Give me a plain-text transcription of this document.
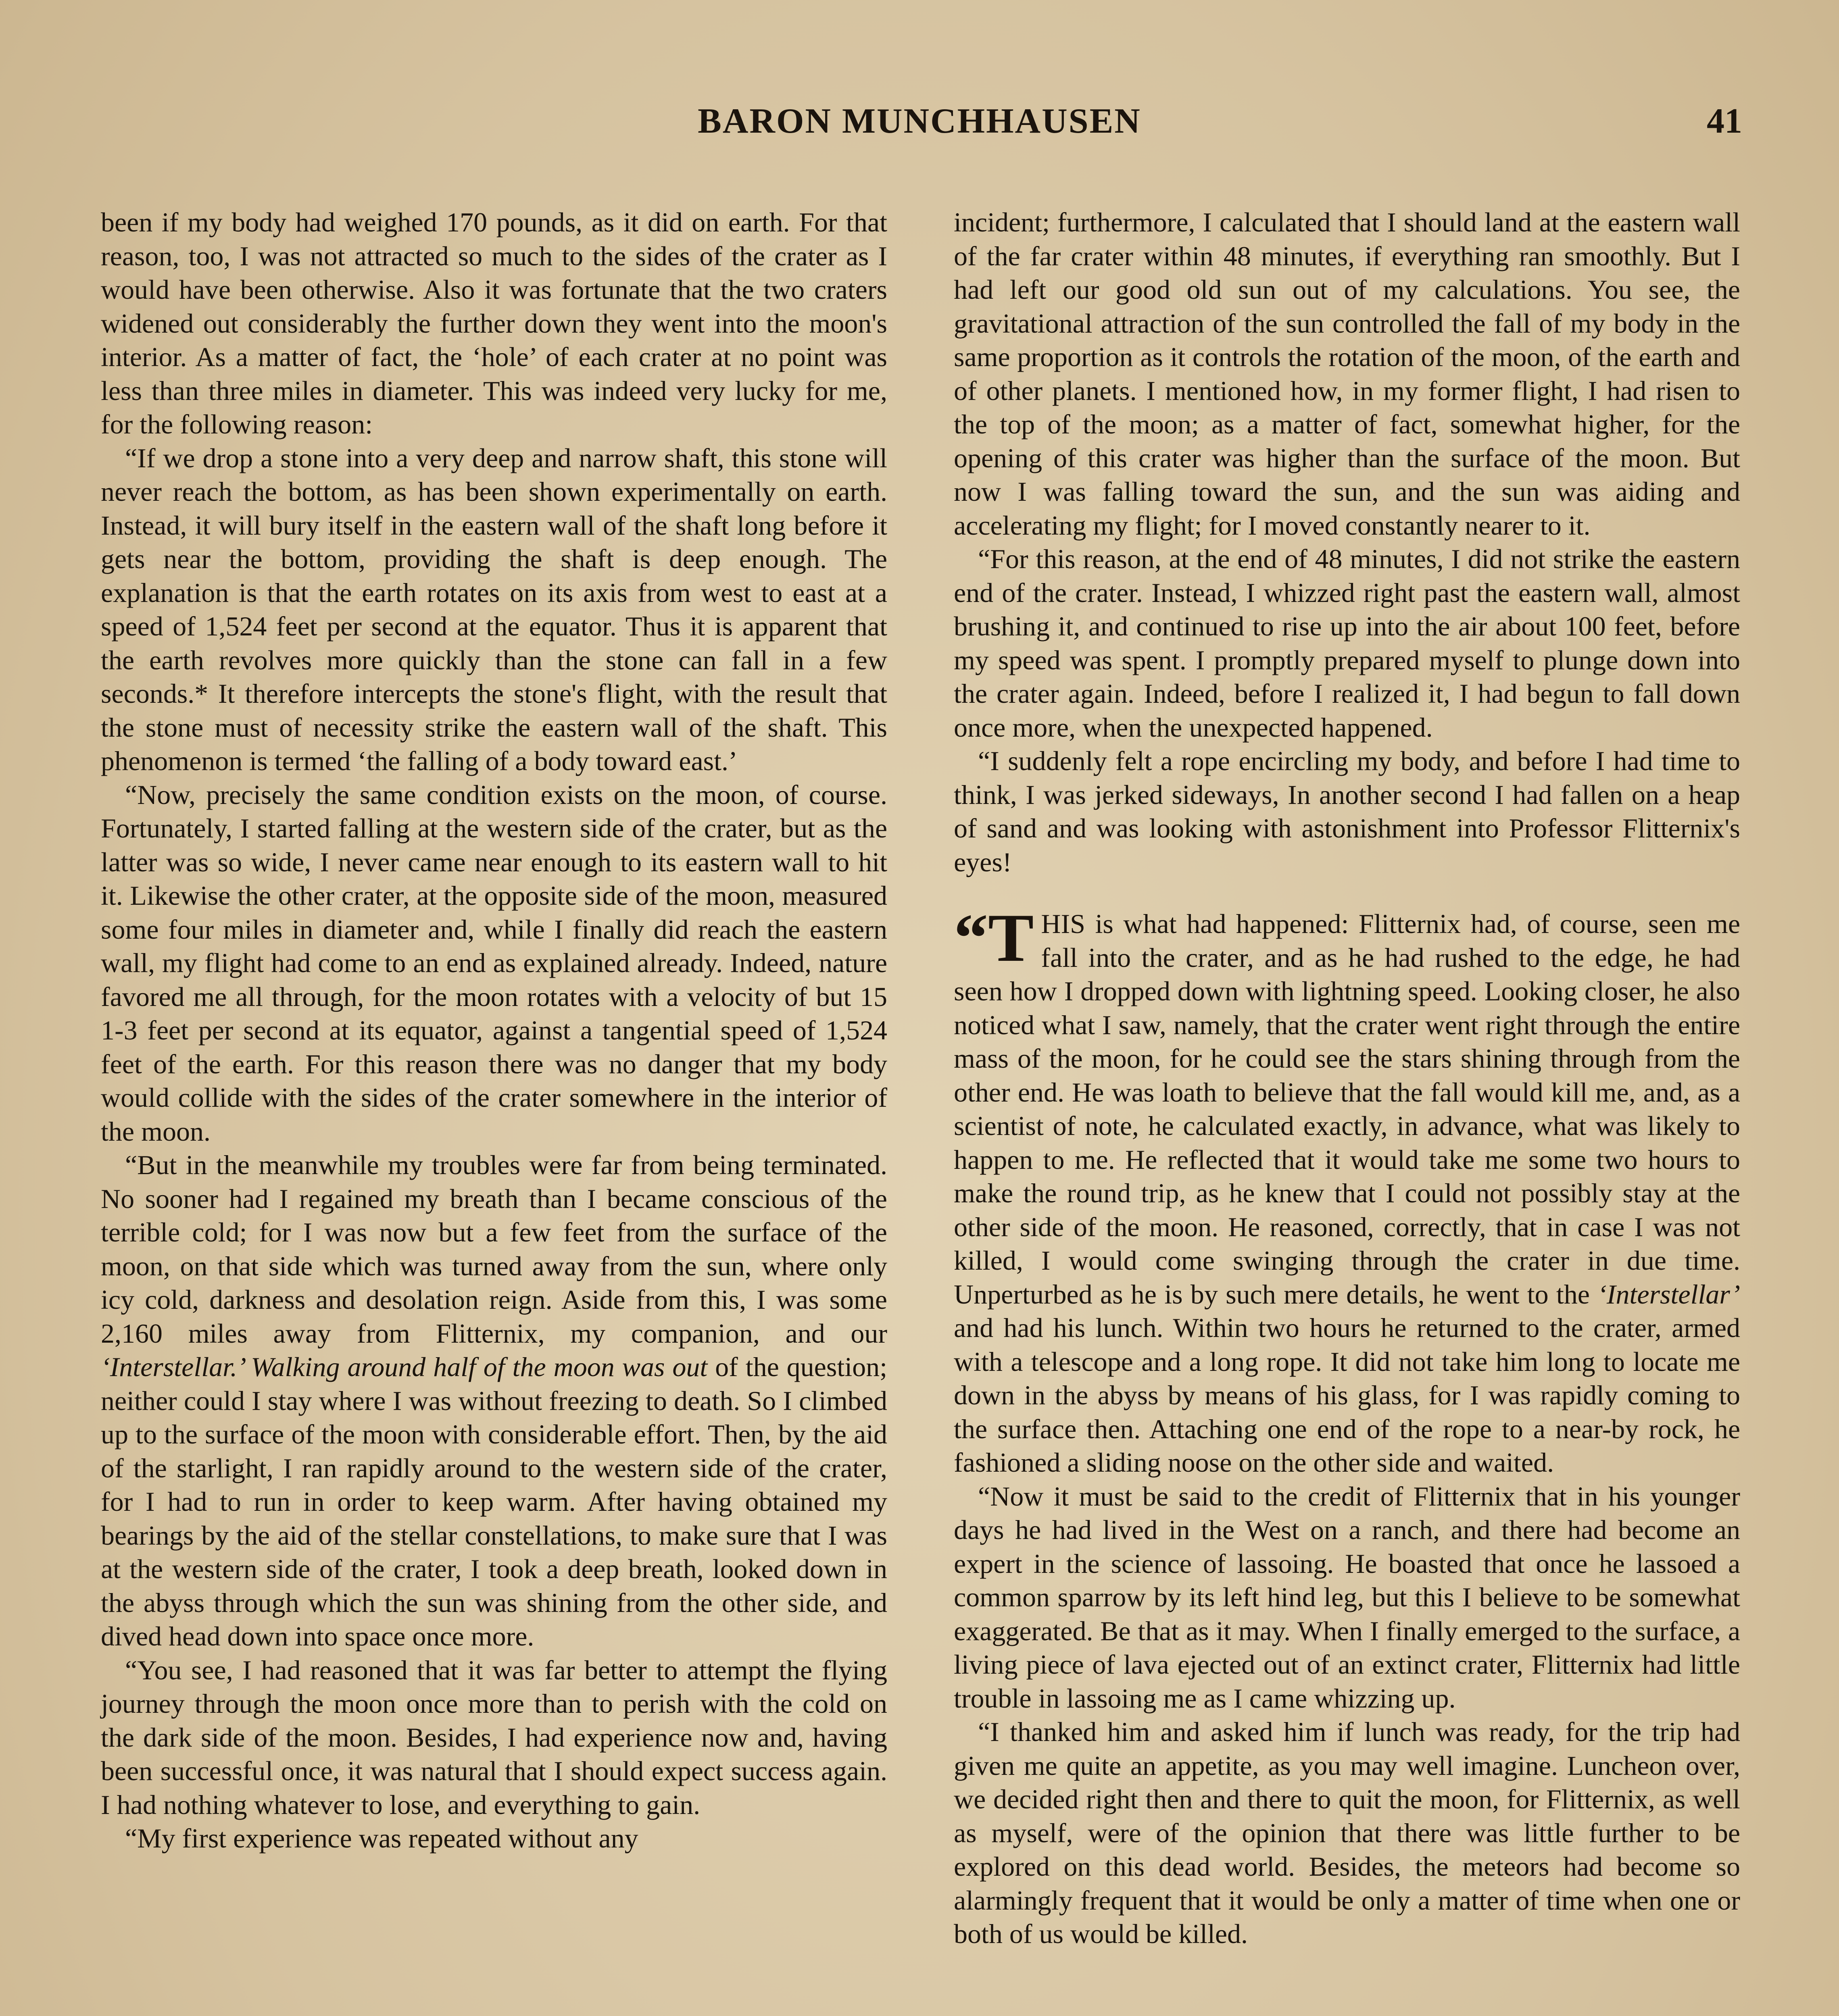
BARON MUNCHHAUSEN	41

been if my body had weighed 170 pounds, as it did on earth. For that reason, too, I was not attracted so much to the sides of the crater as I would have been otherwise. Also it was fortunate that the two craters widened out considerably the further down they went into the moon's interior. As a matter of fact, the ‘hole’ of each crater at no point was less than three miles in diameter. This was indeed very lucky for me, for the following reason:

“If we drop a stone into a very deep and narrow shaft, this stone will never reach the bottom, as has been shown experimentally on earth. Instead, it will bury itself in the eastern wall of the shaft long before it gets near the bottom, providing the shaft is deep enough. The explanation is that the earth rotates on its axis from west to east at a speed of 1,524 feet per second at the equator. Thus it is apparent that the earth revolves more quickly than the stone can fall in a few seconds.* It therefore intercepts the stone's flight, with the result that the stone must of necessity strike the eastern wall of the shaft. This phenomenon is termed ‘the falling of a body toward east.’

“Now, precisely the same condition exists on the moon, of course. Fortunately, I started falling at the western side of the crater, but as the latter was so wide, I never came near enough to its eastern wall to hit it. Likewise the other crater, at the opposite side of the moon, measured some four miles in diameter and, while I finally did reach the eastern wall, my flight had come to an end as explained already. Indeed, nature favored me all through, for the moon rotates with a velocity of but 15 1-3 feet per second at its equator, against a tangential speed of 1,524 feet of the earth. For this reason there was no danger that my body would collide with the sides of the crater somewhere in the interior of the moon.

“But in the meanwhile my troubles were far from being terminated. No sooner had I regained my breath than I became conscious of the terrible cold; for I was now but a few feet from the surface of the moon, on that side which was turned away from the sun, where only icy cold, darkness and desolation reign. Aside from this, I was some 2,160 miles away from Flitternix, my companion, and our ‘Interstellar.’ Walking around half of the moon was out of the question; neither could I stay where I was without freezing to death. So I climbed up to the surface of the moon with considerable effort. Then, by the aid of the starlight, I ran rapidly around to the western side of the crater, for I had to run in order to keep warm. After having obtained my bearings by the aid of the stellar constellations, to make sure that I was at the western side of the crater, I took a deep breath, looked down in the abyss through which the sun was shining from the other side, and dived head down into space once more.

“You see, I had reasoned that it was far better to attempt the flying journey through the moon once more than to perish with the cold on the dark side of the moon. Besides, I had experience now and, having been successful once, it was natural that I should expect success again. I had nothing whatever to lose, and everything to gain.

“My first experience was repeated without any

incident; furthermore, I calculated that I should land at the eastern wall of the far crater within 48 minutes, if everything ran smoothly. But I had left our good old sun out of my calculations. You see, the gravitational attraction of the sun controlled the fall of my body in the same proportion as it controls the rotation of the moon, of the earth and of other planets. I mentioned how, in my former flight, I had risen to the top of the moon; as a matter of fact, somewhat higher, for the opening of this crater was higher than the surface of the moon. But now I was falling toward the sun, and the sun was aiding and accelerating my flight; for I moved constantly nearer to it.

“For this reason, at the end of 48 minutes, I did not strike the eastern end of the crater. Instead, I whizzed right past the eastern wall, almost brushing it, and continued to rise up into the air about 100 feet, before my speed was spent. I promptly prepared myself to plunge down into the crater again. Indeed, before I realized it, I had begun to fall down once more, when the unexpected happened.

“I suddenly felt a rope encircling my body, and before I had time to think, I was jerked sideways, In another second I had fallen on a heap of sand and was looking with astonishment into Professor Flitternix's eyes!

“THIS is what had happened: Flitternix had, of course, seen me fall into the crater, and as he had rushed to the edge, he had seen how I dropped down with lightning speed. Looking closer, he also noticed what I saw, namely, that the crater went right through the entire mass of the moon, for he could see the stars shining through from the other end. He was loath to believe that the fall would kill me, and, as a scientist of note, he calculated exactly, in advance, what was likely to happen to me. He reflected that it would take me some two hours to make the round trip, as he knew that I could not possibly stay at the other side of the moon. He reasoned, correctly, that in case I was not killed, I would come swinging through the crater in due time. Unperturbed as he is by such mere details, he went to the ‘Interstellar’ and had his lunch. Within two hours he returned to the crater, armed with a telescope and a long rope. It did not take him long to locate me down in the abyss by means of his glass, for I was rapidly coming to the surface then. Attaching one end of the rope to a near-by rock, he fashioned a sliding noose on the other side and waited.

“Now it must be said to the credit of Flitternix that in his younger days he had lived in the West on a ranch, and there had become an expert in the science of lassoing. He boasted that once he lassoed a common sparrow by its left hind leg, but this I believe to be somewhat exaggerated. Be that as it may. When I finally emerged to the surface, a living piece of lava ejected out of an extinct crater, Flitternix had little trouble in lassoing me as I came whizzing up.

“I thanked him and asked him if lunch was ready, for the trip had given me quite an appetite, as you may well imagine. Luncheon over, we decided right then and there to quit the moon, for Flitternix, as well as myself, were of the opinion that there was little further to be explored on this dead world. Besides, the meteors had become so alarmingly frequent that it would be only a matter of time when one or both of us would be killed.
